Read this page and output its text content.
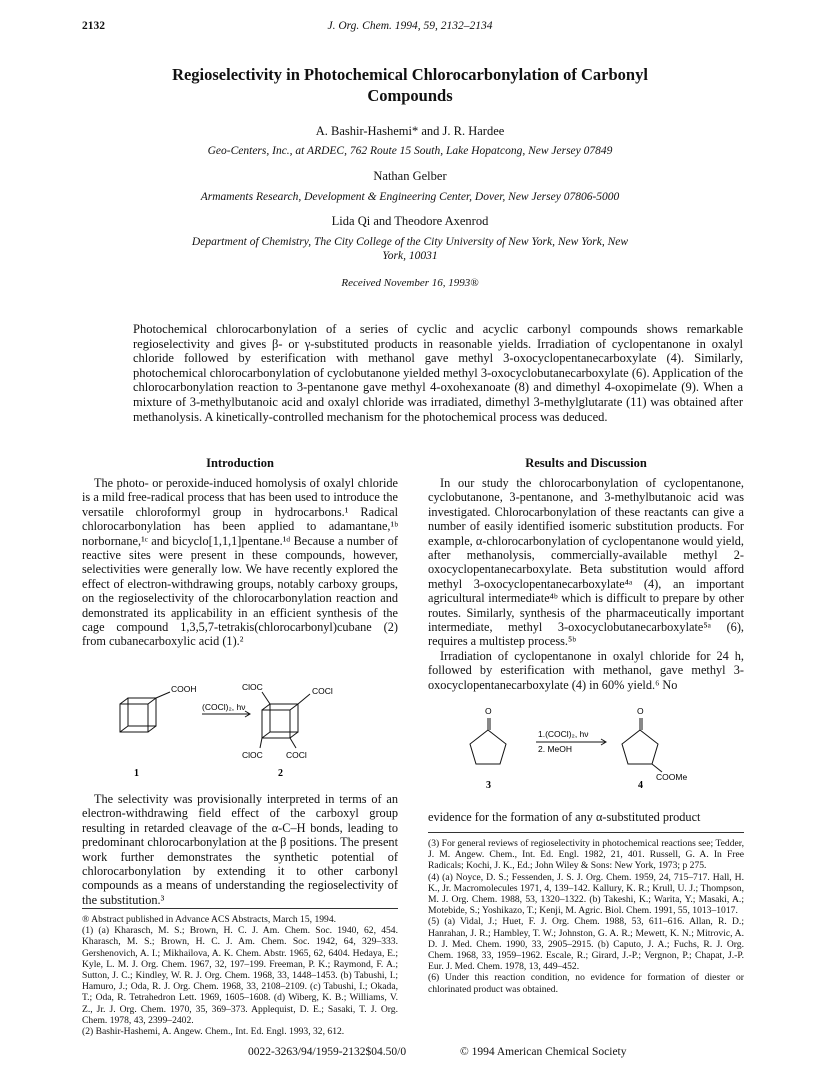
2132	J. Org. Chem. 1994, 59, 2132–2134
Regioselectivity in Photochemical Chlorocarbonylation of Carbonyl Compounds
A. Bashir-Hashemi* and J. R. Hardee
Geo-Centers, Inc., at ARDEC, 762 Route 15 South, Lake Hopatcong, New Jersey 07849
Nathan Gelber
Armaments Research, Development & Engineering Center, Dover, New Jersey 07806-5000
Lida Qi and Theodore Axenrod
Department of Chemistry, The City College of the City University of New York, New York, New York, 10031
Received November 16, 1993®
Photochemical chlorocarbonylation of a series of cyclic and acyclic carbonyl compounds shows remarkable regioselectivity and gives β- or γ-substituted products in reasonable yields. Irradiation of cyclopentanone in oxalyl chloride followed by esterification with methanol gave methyl 3-oxocyclopentanecarboxylate (4). Similarly, photochemical chlorocarbonylation of cyclobutanone yielded methyl 3-oxocyclobutanecarboxylate (6). Application of the chlorocarbonylation reaction to 3-pentanone gave methyl 4-oxohexanoate (8) and dimethyl 4-oxopimelate (9). When a mixture of 3-methylbutanoic acid and oxalyl chloride was irradiated, dimethyl 3-methylglutarate (11) was obtained after methanolysis. A kinetically-controlled mechanism for the photochemical process was deduced.
Introduction

The photo- or peroxide-induced homolysis of oxalyl chloride is a mild free-radical process that has been used to introduce the versatile chloroformyl group in hydrocarbons.¹ Radical chlorocarbonylation has been applied to adamantane,¹ᵇ norbornane,¹ᶜ and bicyclo[1,1,1]pentane.¹ᵈ Because a number of reactive sites were present in these compounds, however, selectivities were generally low. We have recently explored the effect of electron-withdrawing groups, notably carboxy groups, on the regioselectivity of the chlorocarbonylation reaction and demonstrated its applicability in an efficient synthesis of the cage compound 1,3,5,7-tetrakis(chlorocarbonyl)cubane (2) from cubanecarboxylic acid (1).²

COOH
(COCl)₂, hν
ClOC	COCl
ClOC	COCl
1	2

The selectivity was provisionally interpreted in terms of an electron-withdrawing field effect of the carboxyl group resulting in retarded cleavage of the α-C–H bonds, leading to predominant chlorocarbonylation at the β positions. The present work further demonstrates the synthetic potential of chlorocarbonylation by extending it to other carbonyl compounds as a means of understanding the regioselectivity of the substitution.³

® Abstract published in Advance ACS Abstracts, March 15, 1994.

(1) (a) Kharasch, M. S.; Brown, H. C. J. Am. Chem. Soc. 1940, 62, 454. Kharasch, M. S.; Brown, H. C. J. Am. Chem. Soc. 1942, 64, 329–333. Gershenovich, A. I.; Mikhailova, A. K. Chem. Abstr. 1965, 62, 6404. Hedaya, E.; Kyle, L. M. J. Org. Chem. 1967, 32, 197–199. Freeman, P. K.; Raymond, F. A.; Sutton, J. C.; Kindley, W. R. J. Org. Chem. 1968, 33, 1448–1453. (b) Tabushi, I.; Hamuro, J.; Oda, R. J. Org. Chem. 1968, 33, 2108–2109. (c) Tabushi, I.; Okada, T.; Oda, R. Tetrahedron Lett. 1969, 1605–1608. (d) Wiberg, K. B.; Williams, V. Z., Jr. J. Org. Chem. 1970, 35, 369–373. Applequist, D. E.; Sasaki, T. J. Org. Chem. 1978, 43, 2399–2402.

(2) Bashir-Hashemi, A. Angew. Chem., Int. Ed. Engl. 1993, 32, 612.

Results and Discussion

In our study the chlorocarbonylation of cyclopentanone, cyclobutanone, 3-pentanone, and 3-methylbutanoic acid was investigated. Chlorocarbonylation of these reactants can give a number of easily identified isomeric substitution products. For example, α-chlorocarbonylation of cyclopentanone would yield, after methanolysis, commercially-available methyl 2-oxocyclopentanecarboxylate. Beta substitution would afford methyl 3-oxocyclopentanecarboxylate⁴ᵃ (4), an important agricultural intermediate⁴ᵇ which is difficult to prepare by other routes. Similarly, synthesis of the pharmaceutically important intermediate, methyl 3-oxocyclobutanecarboxylate⁵ᵃ (6), requires a multistep process.⁵ᵇ

Irradiation of cyclopentanone in oxalyl chloride for 24 h, followed by esterification with methanol, gave methyl 3-oxocyclopentanecarboxylate (4) in 60% yield.⁶ No

O	O
1.(COCl)₂, hν
2. MeOH
COOMe
3	4
evidence for the formation of any α-substituted product

(3) For general reviews of regioselectivity in photochemical reactions see; Tedder, J. M. Angew. Chem., Int. Ed. Engl. 1982, 21, 401. Russell, G. A. In Free Radicals; Kochi, J. K., Ed.; John Wiley & Sons: New York, 1973; p 275.

(4) (a) Noyce, D. S.; Fessenden, J. S. J. Org. Chem. 1959, 24, 715–717. Hall, H. K., Jr. Macromolecules 1971, 4, 139–142. Kallury, K. R.; Krull, U. J.; Thompson, M. J. Org. Chem. 1988, 53, 1320–1322. (b) Takeshi, K.; Warita, Y.; Masaki, A.; Motebide, S.; Yoshikazo, T.; Kenji, M. Agric. Biol. Chem. 1991, 55, 1013–1017.

(5) (a) Vidal, J.; Huet, F. J. Org. Chem. 1988, 53, 611–616. Allan, R. D.; Hanrahan, J. R.; Hambley, T. W.; Johnston, G. A. R.; Mewett, K. N.; Mitrovic, A. D. J. Med. Chem. 1990, 33, 2905–2915. (b) Caputo, J. A.; Fuchs, R. J. Org. Chem. 1968, 33, 1959–1962. Escale, R.; Girard, J.-P.; Vergnon, P.; Chapat, J.-P. Eur. J. Med. Chem. 1978, 13, 449–452.

(6) Under this reaction condition, no evidence for formation of diester or chlorinated product was obtained.

0022-3263/94/1959-2132$04.50/0	© 1994 American Chemical Society
